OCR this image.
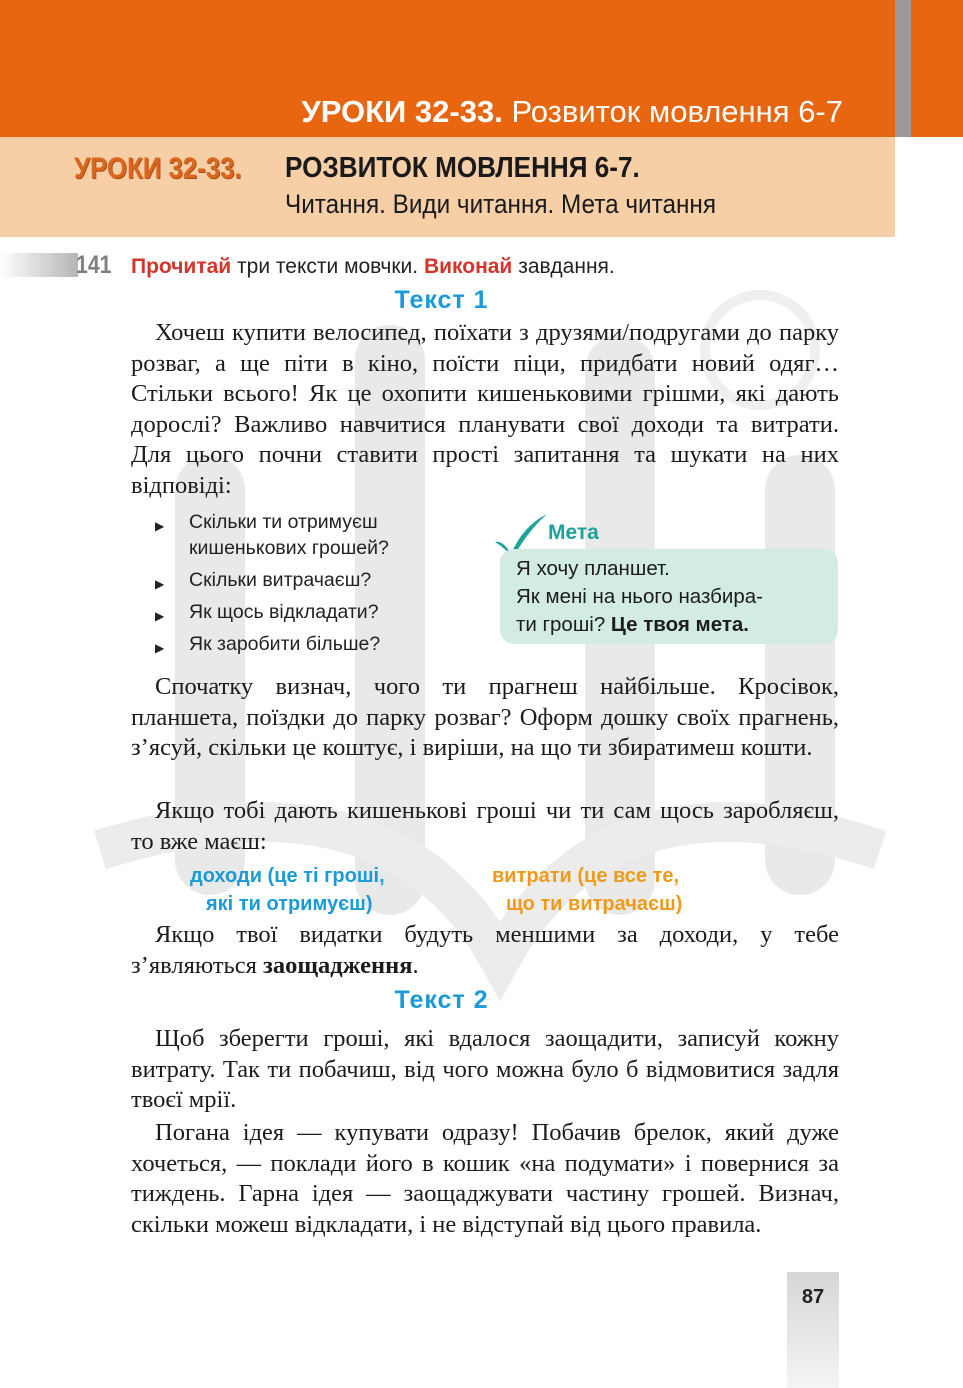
УРОКИ 32-33. Розвиток мовлення 6-7
УРОКИ 32-33. РОЗВИТОК МОВЛЕННЯ 6-7.
Читання. Види читання. Мета читання
141 Прочитай три тексти мовчки. Виконай завдання.
Текст 1
Хочеш купити велосипед, поїхати з друзями/подругами до парку розваг, а ще піти в кіно, поїсти піци, придбати новий одяг… Стільки всього! Як це охопити кишеньковими грішми, які дають дорослі? Важливо навчитися планувати свої доходи та витрати. Для цього почни ставити прості запитання та шукати на них відповіді:
▶ Скільки ти отримуєш кишенькових грошей?
▶ Скільки витрачаєш?
▶ Як щось відкладати?
▶ Як заробити більше?
Мета
Я хочу планшет.
Як мені на нього назбира-
ти гроші? Це твоя мета.
Спочатку визнач, чого ти прагнеш найбільше. Кросівок, планшета, поїздки до парку розваг? Оформ дошку своїх прагнень, з’ясуй, скільки це коштує, і виріши, на що ти збиратимеш кошти.
Якщо тобі дають кишенькові гроші чи ти сам щось заробляєш, то вже маєш:
доходи (це ті гроші,
які ти отримуєш)
витрати (це все те,
що ти витрачаєш)
Якщо твої видатки будуть меншими за доходи, у тебе з’являються заощадження.
Текст 2
Щоб зберегти гроші, які вдалося заощадити, записуй кожну витрату. Так ти побачиш, від чого можна було б відмовитися задля твоєї мрії.
Погана ідея — купувати одразу! Побачив брелок, який дуже хочеться, — поклади його в кошик «на подумати» і повернися за тиждень. Гарна ідея — заощаджувати частину грошей. Визнач, скільки можеш відкладати, і не відступай від цього правила.
87
